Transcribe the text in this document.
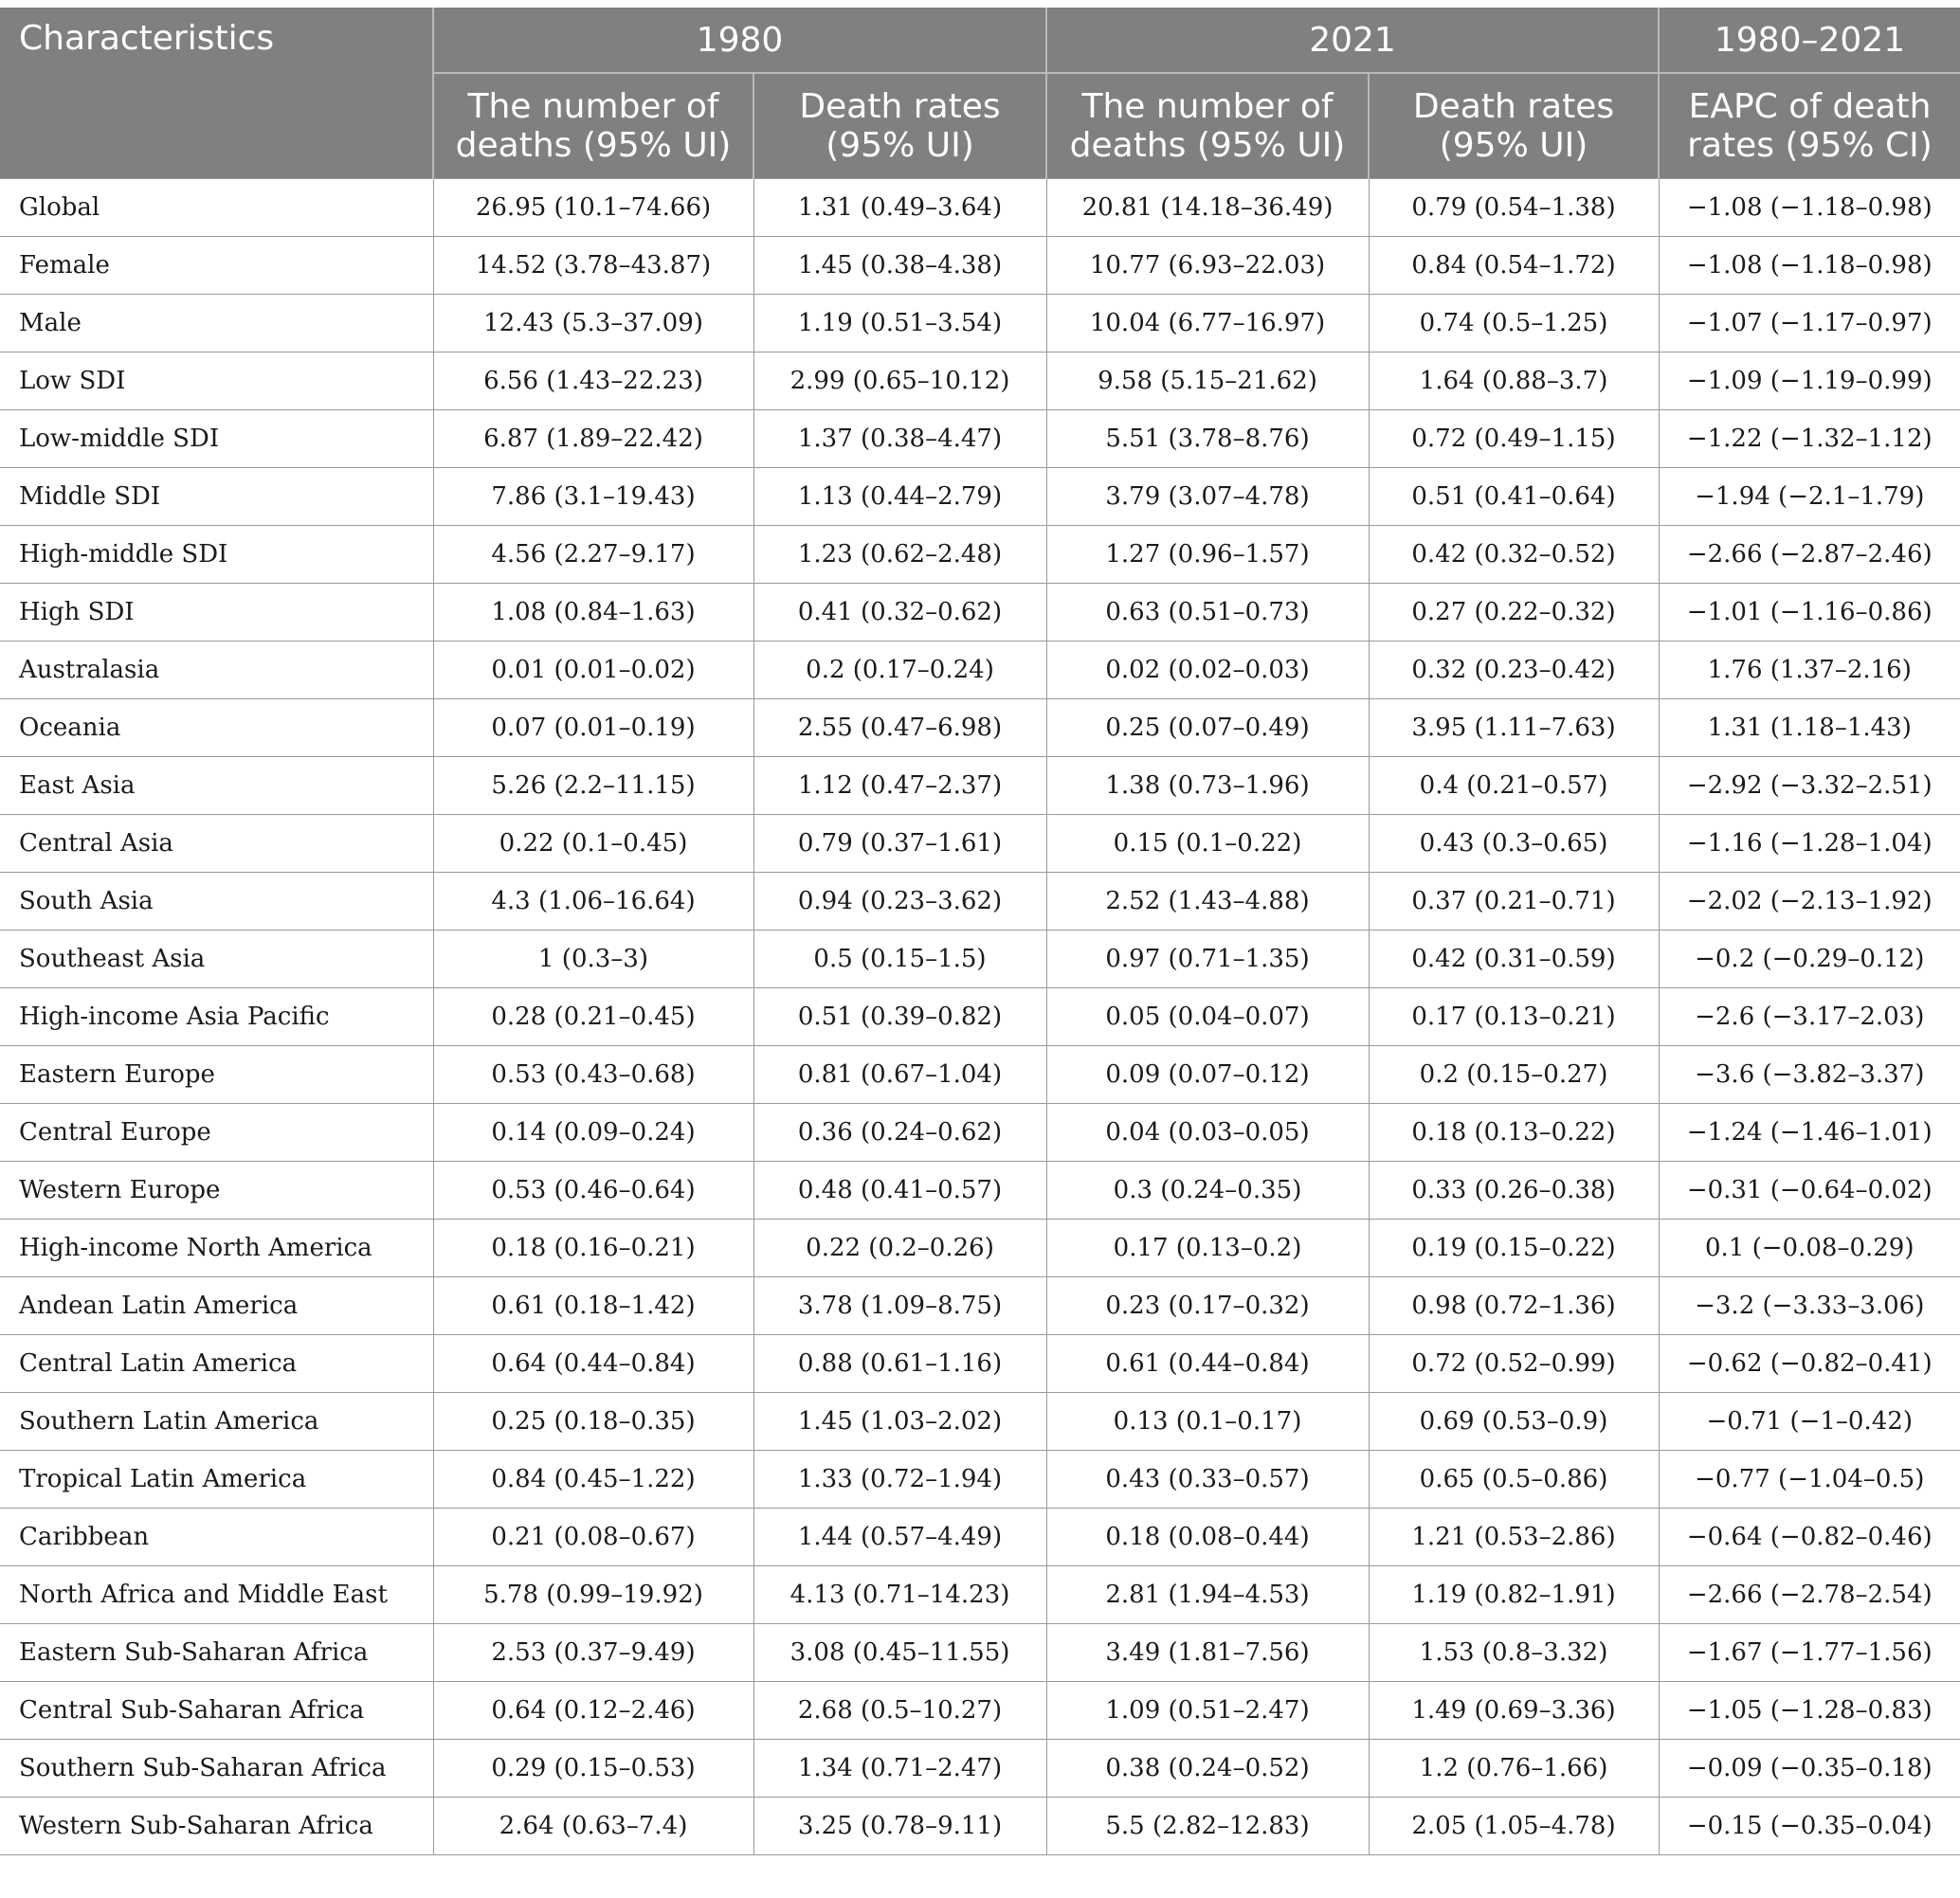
Characteristics	1980		2021		1980–2021
	The number of deaths (95% UI)	Death rates (95% UI)	The number of deaths (95% UI)	Death rates (95% UI)	EAPC of death rates (95% CI)
Global	26.95 (10.1–74.66)	1.31 (0.49–3.64)	20.81 (14.18–36.49)	0.79 (0.54–1.38)	−1.08 (−1.18–0.98)
Female	14.52 (3.78–43.87)	1.45 (0.38–4.38)	10.77 (6.93–22.03)	0.84 (0.54–1.72)	−1.08 (−1.18–0.98)
Male	12.43 (5.3–37.09)	1.19 (0.51–3.54)	10.04 (6.77–16.97)	0.74 (0.5–1.25)	−1.07 (−1.17–0.97)
Low SDI	6.56 (1.43–22.23)	2.99 (0.65–10.12)	9.58 (5.15–21.62)	1.64 (0.88–3.7)	−1.09 (−1.19–0.99)
Low-middle SDI	6.87 (1.89–22.42)	1.37 (0.38–4.47)	5.51 (3.78–8.76)	0.72 (0.49–1.15)	−1.22 (−1.32–1.12)
Middle SDI	7.86 (3.1–19.43)	1.13 (0.44–2.79)	3.79 (3.07–4.78)	0.51 (0.41–0.64)	−1.94 (−2.1–1.79)
High-middle SDI	4.56 (2.27–9.17)	1.23 (0.62–2.48)	1.27 (0.96–1.57)	0.42 (0.32–0.52)	−2.66 (−2.87–2.46)
High SDI	1.08 (0.84–1.63)	0.41 (0.32–0.62)	0.63 (0.51–0.73)	0.27 (0.22–0.32)	−1.01 (−1.16–0.86)
Australasia	0.01 (0.01–0.02)	0.2 (0.17–0.24)	0.02 (0.02–0.03)	0.32 (0.23–0.42)	1.76 (1.37–2.16)
Oceania	0.07 (0.01–0.19)	2.55 (0.47–6.98)	0.25 (0.07–0.49)	3.95 (1.11–7.63)	1.31 (1.18–1.43)
East Asia	5.26 (2.2–11.15)	1.12 (0.47–2.37)	1.38 (0.73–1.96)	0.4 (0.21–0.57)	−2.92 (−3.32–2.51)
Central Asia	0.22 (0.1–0.45)	0.79 (0.37–1.61)	0.15 (0.1–0.22)	0.43 (0.3–0.65)	−1.16 (−1.28–1.04)
South Asia	4.3 (1.06–16.64)	0.94 (0.23–3.62)	2.52 (1.43–4.88)	0.37 (0.21–0.71)	−2.02 (−2.13–1.92)
Southeast Asia	1 (0.3–3)	0.5 (0.15–1.5)	0.97 (0.71–1.35)	0.42 (0.31–0.59)	−0.2 (−0.29–0.12)
High-income Asia Pacific	0.28 (0.21–0.45)	0.51 (0.39–0.82)	0.05 (0.04–0.07)	0.17 (0.13–0.21)	−2.6 (−3.17–2.03)
Eastern Europe	0.53 (0.43–0.68)	0.81 (0.67–1.04)	0.09 (0.07–0.12)	0.2 (0.15–0.27)	−3.6 (−3.82–3.37)
Central Europe	0.14 (0.09–0.24)	0.36 (0.24–0.62)	0.04 (0.03–0.05)	0.18 (0.13–0.22)	−1.24 (−1.46–1.01)
Western Europe	0.53 (0.46–0.64)	0.48 (0.41–0.57)	0.3 (0.24–0.35)	0.33 (0.26–0.38)	−0.31 (−0.64–0.02)
High-income North America	0.18 (0.16–0.21)	0.22 (0.2–0.26)	0.17 (0.13–0.2)	0.19 (0.15–0.22)	0.1 (−0.08–0.29)
Andean Latin America	0.61 (0.18–1.42)	3.78 (1.09–8.75)	0.23 (0.17–0.32)	0.98 (0.72–1.36)	−3.2 (−3.33–3.06)
Central Latin America	0.64 (0.44–0.84)	0.88 (0.61–1.16)	0.61 (0.44–0.84)	0.72 (0.52–0.99)	−0.62 (−0.82–0.41)
Southern Latin America	0.25 (0.18–0.35)	1.45 (1.03–2.02)	0.13 (0.1–0.17)	0.69 (0.53–0.9)	−0.71 (−1–0.42)
Tropical Latin America	0.84 (0.45–1.22)	1.33 (0.72–1.94)	0.43 (0.33–0.57)	0.65 (0.5–0.86)	−0.77 (−1.04–0.5)
Caribbean	0.21 (0.08–0.67)	1.44 (0.57–4.49)	0.18 (0.08–0.44)	1.21 (0.53–2.86)	−0.64 (−0.82–0.46)
North Africa and Middle East	5.78 (0.99–19.92)	4.13 (0.71–14.23)	2.81 (1.94–4.53)	1.19 (0.82–1.91)	−2.66 (−2.78–2.54)
Eastern Sub-Saharan Africa	2.53 (0.37–9.49)	3.08 (0.45–11.55)	3.49 (1.81–7.56)	1.53 (0.8–3.32)	−1.67 (−1.77–1.56)
Central Sub-Saharan Africa	0.64 (0.12–2.46)	2.68 (0.5–10.27)	1.09 (0.51–2.47)	1.49 (0.69–3.36)	−1.05 (−1.28–0.83)
Southern Sub-Saharan Africa	0.29 (0.15–0.53)	1.34 (0.71–2.47)	0.38 (0.24–0.52)	1.2 (0.76–1.66)	−0.09 (−0.35–0.18)
Western Sub-Saharan Africa	2.64 (0.63–7.4)	3.25 (0.78–9.11)	5.5 (2.82–12.83)	2.05 (1.05–4.78)	−0.15 (−0.35–0.04)
